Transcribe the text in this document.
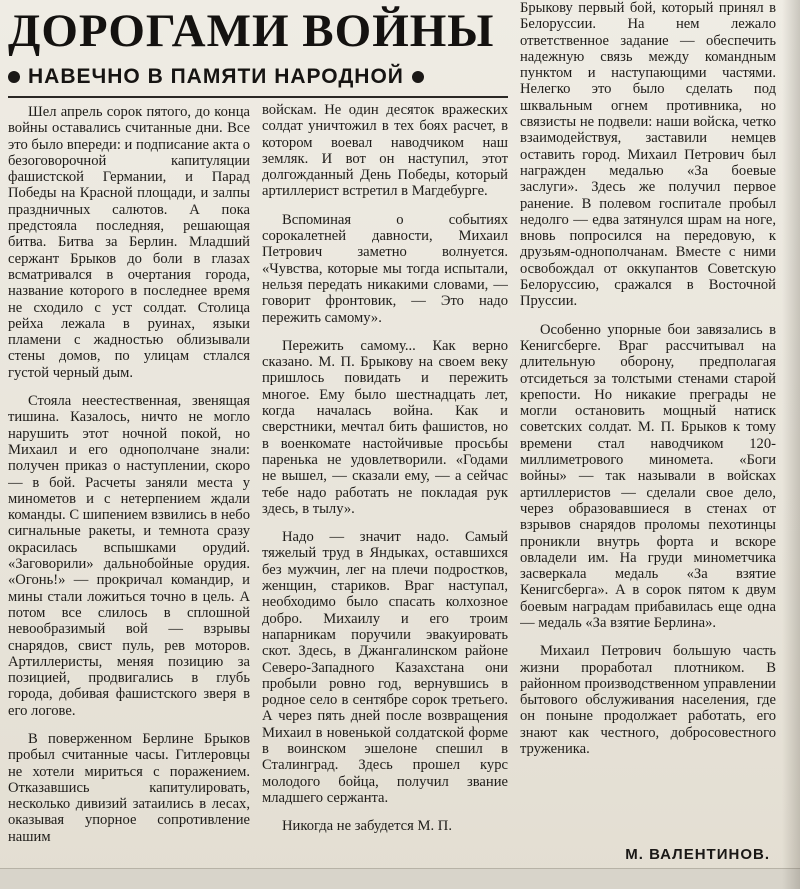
ДОРОГАМИ ВОЙНЫ
НАВЕЧНО В ПАМЯТИ НАРОДНОЙ

Шел апрель сорок пятого, до конца войны оставались считанные дни. Все это было впереди: и подписание акта о безоговорочной капитуляции фашистской Германии, и Парад Победы на Красной площади, и залпы праздничных салютов. А пока предстояла последняя, решающая битва. Битва за Берлин. Младший сержант Брыков до боли в глазах всматривался в очертания города, название которого в последнее время не сходило с уст солдат. Столица рейха лежала в руинах, языки пламени с жадностью облизывали стены домов, по улицам стлался густой черный дым.

Стояла неестественная, звенящая тишина. Казалось, ничто не могло нарушить этот ночной покой, но Михаил и его однополчане знали: получен приказ о наступлении, скоро — в бой. Расчеты заняли места у минометов и с нетерпением ждали команды. С шипением взвились в небо сигнальные ракеты, и темнота сразу окрасилась вспышками орудий. «Заговорили» дальнобойные орудия. «Огонь!» — прокричал командир, и мины стали ложиться точно в цель. А потом все слилось в сплошной невообразимый вой — взрывы снарядов, свист пуль, рев моторов. Артиллеристы, меняя позицию за позицией, продвигались в глубь города, добивая фашистского зверя в его логове.

В поверженном Берлине Брыков пробыл считанные часы. Гитлеровцы не хотели мириться с поражением. Отказавшись капитулировать, несколько дивизий затаились в лесах, оказывая упорное сопротивление нашим

войскам. Не один десяток вражеских солдат уничтожил в тех боях расчет, в котором воевал наводчиком наш земляк. И вот он наступил, этот долгожданный День Победы, который артиллерист встретил в Магдебурге.

Вспоминая о событиях сорокалетней давности, Михаил Петрович заметно волнуется. «Чувства, которые мы тогда испытали, нельзя передать никакими словами, — говорит фронтовик, — Это надо пережить самому».

Пережить самому... Как верно сказано. М. П. Брыкову на своем веку пришлось повидать и пережить многое. Ему было шестнадцать лет, когда началась война. Как и сверстники, мечтал бить фашистов, но в военкомате настойчивые просьбы паренька не удовлетворили. «Годами не вышел, — сказали ему, — а сейчас тебе надо работать не покладая рук здесь, в тылу».

Надо — значит надо. Самый тяжелый труд в Яндыках, оставшихся без мужчин, лег на плечи подростков, женщин, стариков. Враг наступал, необходимо было спасать колхозное добро. Михаилу и его троим напарникам поручили эвакуировать скот. Здесь, в Джангалинском районе Северо-Западного Казахстана они пробыли ровно год, вернувшись в родное село в сентябре сорок третьего. А через пять дней после возвращения Михаил в новенькой солдатской форме в воинском эшелоне спешил в Сталинград. Здесь прошел курс молодого бойца, получил звание младшего сержанта.

Никогда не забудется М. П.

Брыкову первый бой, который принял в Белоруссии. На нем лежало ответственное задание — обеспечить надежную связь между командным пунктом и наступающими частями. Нелегко это было сделать под шквальным огнем противника, но связисты не подвели: наши войска, четко взаимодействуя, заставили немцев оставить город. Михаил Петрович был награжден медалью «За боевые заслуги». Здесь же получил первое ранение. В полевом госпитале пробыл недолго — едва затянулся шрам на ноге, вновь попросился на передовую, к друзьям-однополчанам. Вместе с ними освобождал от оккупантов Советскую Белоруссию, сражался в Восточной Пруссии.

Особенно упорные бои завязались в Кенигсберге. Враг рассчитывал на длительную оборону, предполагая отсидеться за толстыми стенами старой крепости. Но никакие преграды не могли остановить мощный натиск советских солдат. М. П. Брыков к тому времени стал наводчиком 120-миллиметрового миномета. «Боги войны» — так называли в войсках артиллеристов — сделали свое дело, через образовавшиеся в стенах от взрывов снарядов проломы пехотинцы проникли внутрь форта и вскоре овладели им. На груди минометчика засверкала медаль «За взятие Кенигсберга». А в сорок пятом к двум боевым наградам прибавилась еще одна — медаль «За взятие Берлина».

Михаил Петрович большую часть жизни проработал плотником. В районном производственном управлении бытового обслуживания населения, где он поныне продолжает работать, его знают как честного, добросовестного труженика.

М. ВАЛЕНТИНОВ.
